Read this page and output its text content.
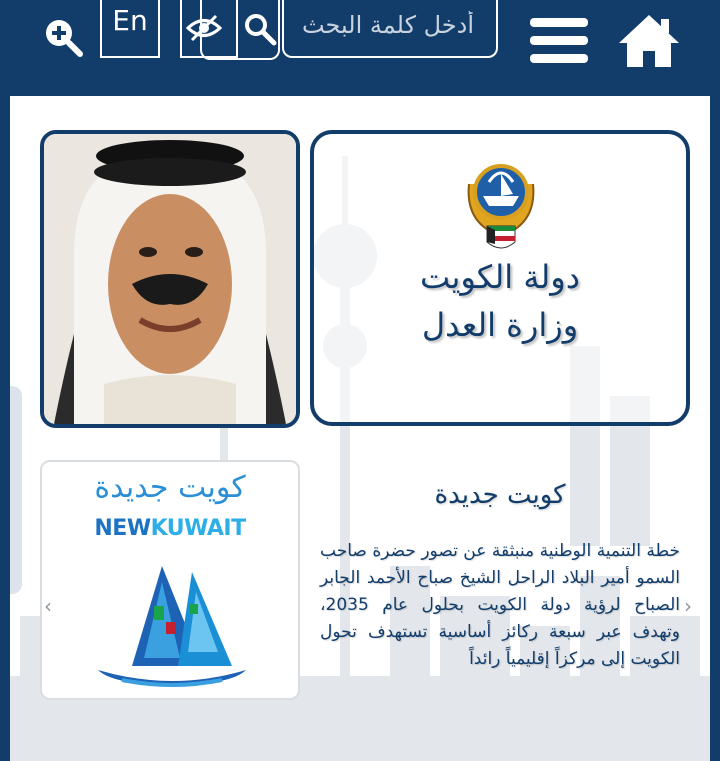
أدخل كلمة البحث
En
دولة الكويت
وزارة العدل
كويت جديدة
NEWKUWAIT
كويت جديدة
خطة التنمية الوطنية منبثقة عن تصور حضرة صاحب السمو أمير البلاد الراحل الشيخ صباح الأحمد الجابر الصباح لرؤية دولة الكويت بحلول عام 2035، وتهدف عبر سبعة ركائز أساسية تستهدف تحول الكويت إلى مركزاً إقليمياً رائداً
‹	›
